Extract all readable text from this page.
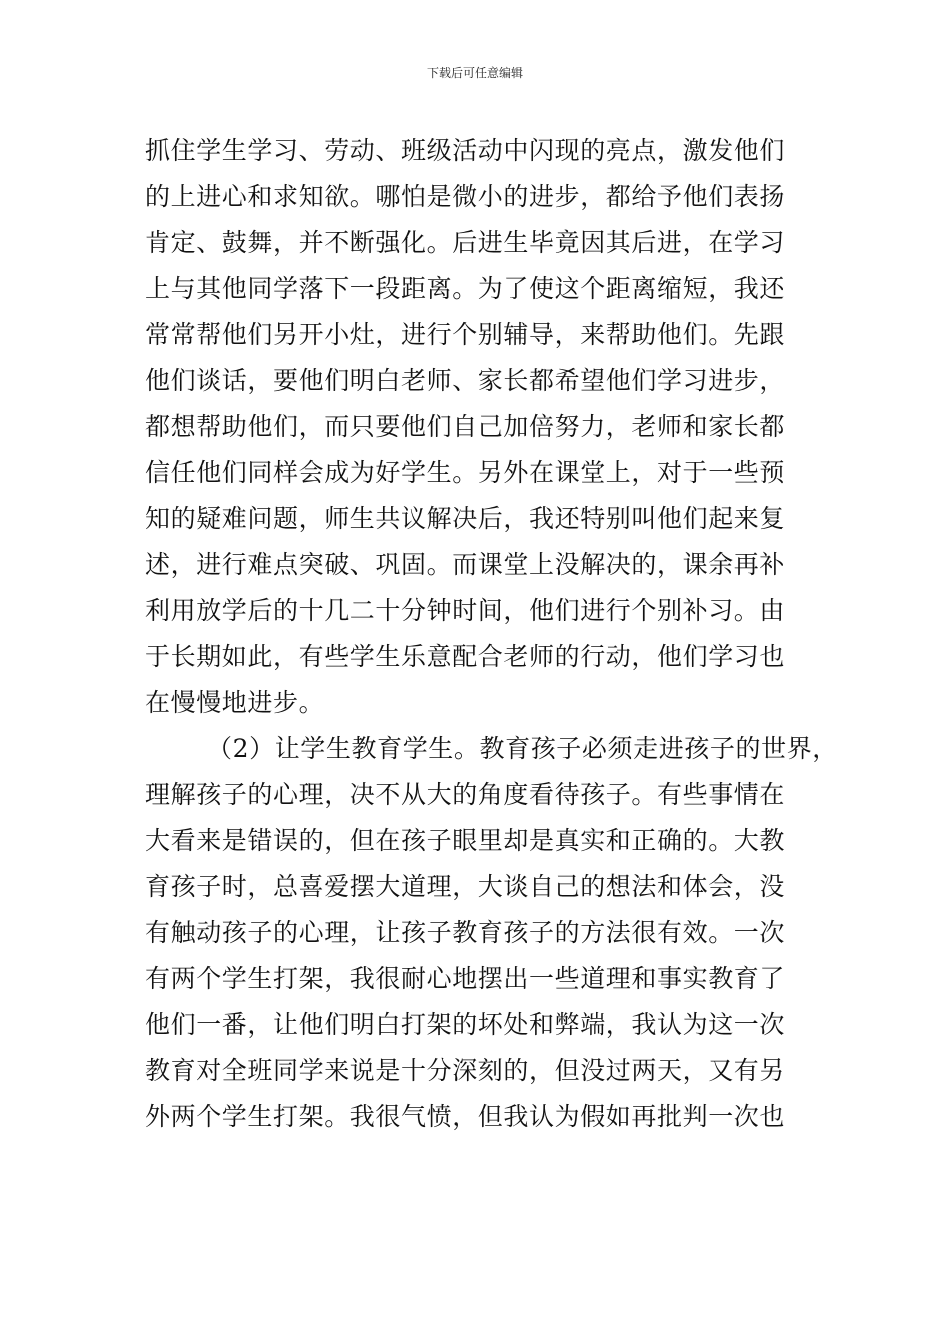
下载后可任意编辑
抓住学生学习、劳动、班级活动中闪现的亮点，激发他们
的上进心和求知欲。哪怕是微小的进步，都给予他们表扬
肯定、鼓舞，并不断强化。后进生毕竟因其后进，在学习
上与其他同学落下一段距离。为了使这个距离缩短，我还
常常帮他们另开小灶，进行个别辅导，来帮助他们。先跟
他们谈话，要他们明白老师、家长都希望他们学习进步，
都想帮助他们，而只要他们自己加倍努力，老师和家长都
信任他们同样会成为好学生。另外在课堂上，对于一些预
知的疑难问题，师生共议解决后，我还特别叫他们起来复
述，进行难点突破、巩固。而课堂上没解决的，课余再补
利用放学后的十几二十分钟时间，他们进行个别补习。由
于长期如此，有些学生乐意配合老师的行动，他们学习也
在慢慢地进步。
（2）让学生教育学生。教育孩子必须走进孩子的世界，
理解孩子的心理，决不从大的角度看待孩子。有些事情在
大看来是错误的，但在孩子眼里却是真实和正确的。大教
育孩子时，总喜爱摆大道理，大谈自己的想法和体会，没
有触动孩子的心理，让孩子教育孩子的方法很有效。一次
有两个学生打架，我很耐心地摆出一些道理和事实教育了
他们一番，让他们明白打架的坏处和弊端，我认为这一次
教育对全班同学来说是十分深刻的，但没过两天，又有另
外两个学生打架。我很气愤，但我认为假如再批判一次也
